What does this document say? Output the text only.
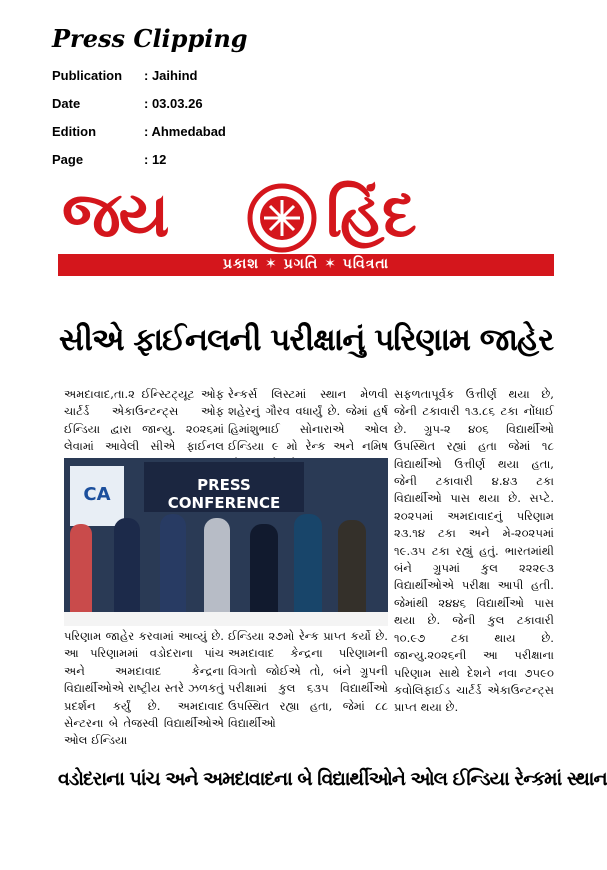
Press Clipping
Publication : Jaihind
Date	: 03.03.26
Edition	: Ahmedabad
Page	: 12
જય	હિંદ
પ્રકાશ ✶ પ્રગતિ ✶ પવિત્રતા
સીએ ફાઈનલની પરીક્ષાનું પરિણામ જાહેર
અમદાવાદ,તા.૨ ઈન્સ્ટિટ્યૂટ ઓફ ચાર્ટર્ડ એકાઉન્ટન્ટ્સ ઓફ ઈન્ડિયા દ્વારા જાન્યુ. ૨૦૨૬માં લેવામાં આવેલી સીએ ફાઈનલ
રેન્કર્સ લિસ્ટમાં સ્થાન મેળવી શહેરનું ગૌરવ વધાર્યું છે. જેમાં હર્ષ હિમાંશુભાઈ સોનારાએ ઓલ ઈન્ડિયા ૯ મો રેન્ક અને નમિષ
PRESS CONFERENCE
CA
પરિણામ જાહેર કરવામાં આવ્યું છે. આ પરિણામમાં વડોદરાના પાંચ અને અમદાવાદ કેન્દ્રના વિદ્યાર્થીઓએ રાષ્ટ્રીય સ્તરે ઝળકતું પ્રદર્શન કર્યું છે. અમદાવાદ સેન્ટરના બે તેજસ્વી વિદ્યાર્થીઓએ ઓલ ઈન્ડિયા
ઈન્ડિયા ૨૭મો રેન્ક પ્રાપ્ત કર્યો છે. અમદાવાદ કેન્દ્રના પરિણામની વિગતો જોઈએ તો, બંને ગ્રુપની પરીક્ષામાં કુલ ૬૩૫ વિદ્યાર્થીઓ ઉપસ્થિત રહ્યા હતા, જેમાં ૮૮ વિદ્યાર્થીઓ
સફળતાપૂર્વક ઉત્તીર્ણ થયા છે, જેની ટકાવારી ૧૩.૮૬ ટકા નોંધાઈ છે. ગ્રુપ-૨ ૪૦૬ વિદ્યાર્થીઓ ઉપસ્થિત રહ્યાં હતા જેમાં ૧૮ વિદ્યાર્થીઓ ઉત્તીર્ણ થયા હતા, જેની ટકાવારી ૪.૪૩ ટકા વિદ્યાર્થીઓ પાસ થયા છે. સપ્ટે. ૨૦૨૫માં અમદાવાદનું પરિણામ ૨૩.૧૪ ટકા અને મે-૨૦૨૫માં ૧૯.૩૫ ટકા રહ્યું હતું. ભારતમાંથી બંને ગ્રુપમાં કુલ ૨૨૨૯૩ વિદ્યાર્થીઓએ પરીક્ષા આપી હતી. જેમાંથી ૨૪૪૬ વિદ્યાર્થીઓ પાસ થયા છે. જેની કુલ ટકાવારી ૧૦.૯૭ ટકા થાય છે. જાન્યુ.૨૦૨૬ની આ પરીક્ષાના પરિણામ સાથે દેશને નવા ૭૫૯૦ કવોલિફાઈડ ચાર્ટર્ડ એકાઉન્ટન્ટ્સ પ્રાપ્ત થયા છે.
વડોદરાના પાંચ અને અમદાવાદના બે વિદ્યાર્થીઓને ઓલ ઈન્ડિયા રેન્કમાં સ્થાન
